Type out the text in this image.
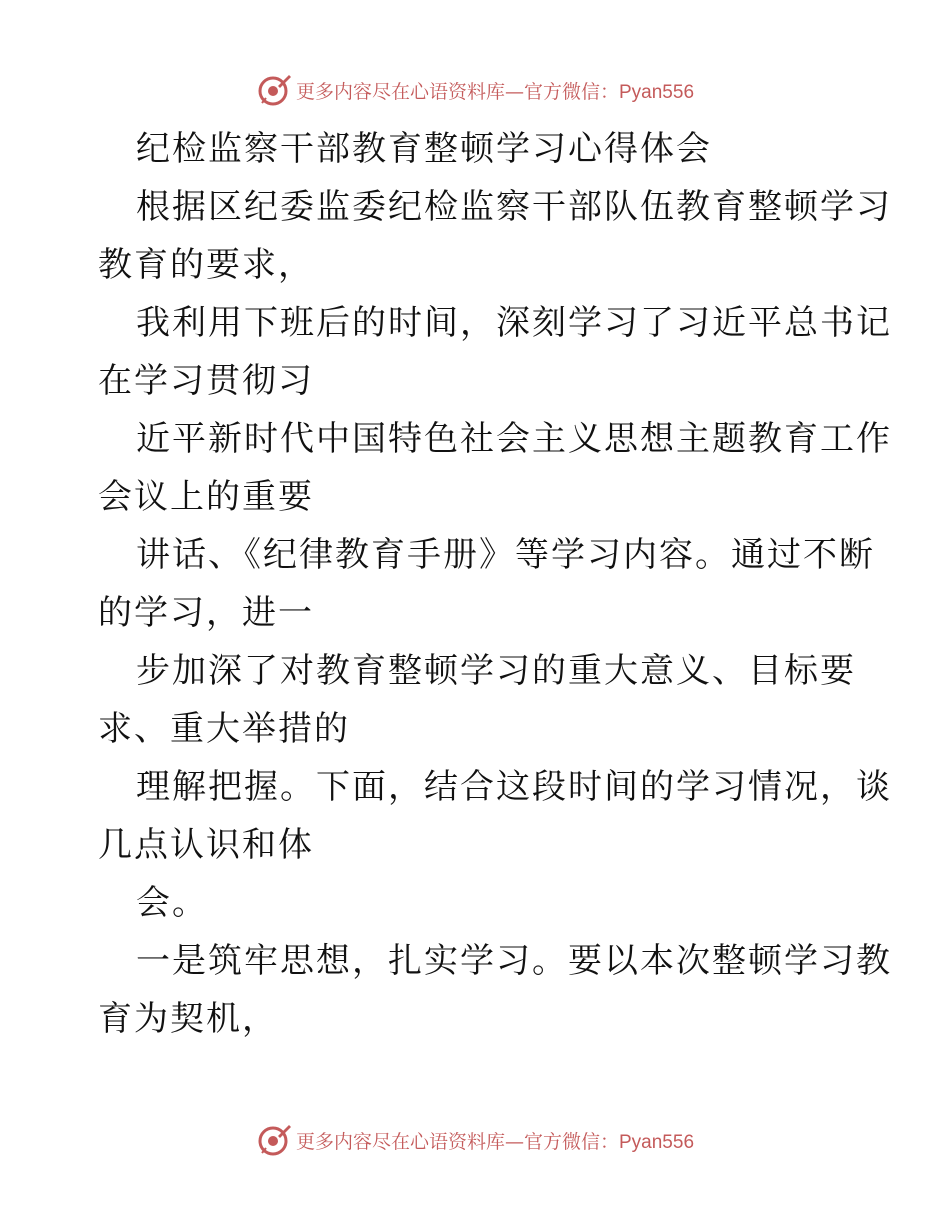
更多内容尽在心语资料库—官方微信：Pyan556
纪检监察干部教育整顿学习心得体会
根据区纪委监委纪检监察干部队伍教育整顿学习
教育的要求，
我利用下班后的时间，深刻学习了习近平总书记
在学习贯彻习
近平新时代中国特色社会主义思想主题教育工作
会议上的重要
讲话、《纪律教育手册》等学习内容。通过不断
的学习，进一
步加深了对教育整顿学习的重大意义、目标要
求、重大举措的
理解把握。下面，结合这段时间的学习情况，谈
几点认识和体
会。
一是筑牢思想，扎实学习。要以本次整顿学习教
育为契机，
更多内容尽在心语资料库—官方微信：Pyan556
